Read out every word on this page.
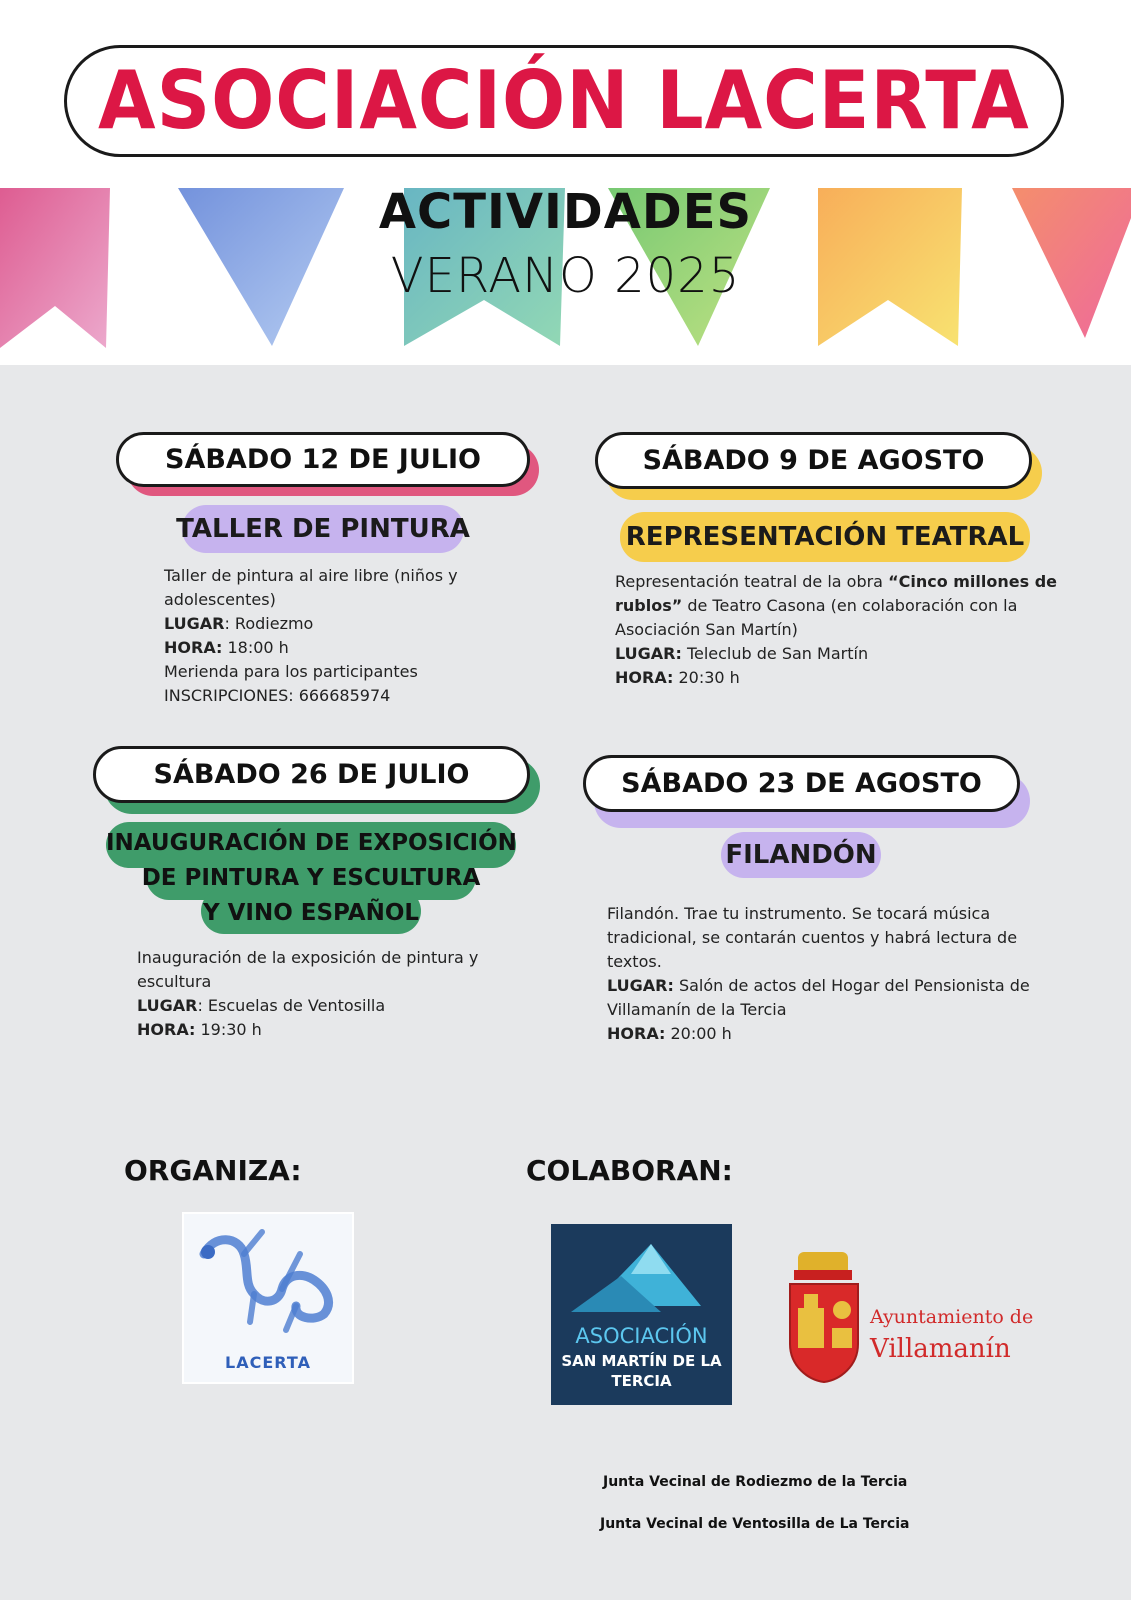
ASOCIACIÓN LACERTA
ACTIVIDADES
VERANO 2025
SÁBADO 12 DE JULIO
TALLER DE PINTURA
Taller de pintura al aire libre (niños y
adolescentes)
LUGAR: Rodiezmo
HORA: 18:00 h
Merienda para los participantes
INSCRIPCIONES: 666685974
SÁBADO 9 DE AGOSTO
REPRESENTACIÓN TEATRAL
Representación teatral de la obra “Cinco millones de
rublos” de Teatro Casona (en colaboración con la
Asociación San Martín)
LUGAR: Teleclub de San Martín
HORA: 20:30 h
SÁBADO 26 DE JULIO
INAUGURACIÓN DE EXPOSICIÓN
DE PINTURA Y ESCULTURA
Y VINO ESPAÑOL
Inauguración de la exposición de pintura y
escultura
LUGAR: Escuelas de Ventosilla
HORA: 19:30 h
SÁBADO 23 DE AGOSTO
FILANDÓN
Filandón. Trae tu instrumento. Se tocará música
tradicional, se contarán cuentos y habrá lectura de
textos.
LUGAR: Salón de actos del Hogar del Pensionista de
Villamanín de la Tercia
HORA: 20:00 h
ORGANIZA:
LACERTA
COLABORAN:
ASOCIACIÓN
SAN MARTÍN DE LA
TERCIA
Ayuntamiento de
Villamanín
Junta Vecinal de Rodiezmo de la Tercia
Junta Vecinal de Ventosilla de La Tercia
